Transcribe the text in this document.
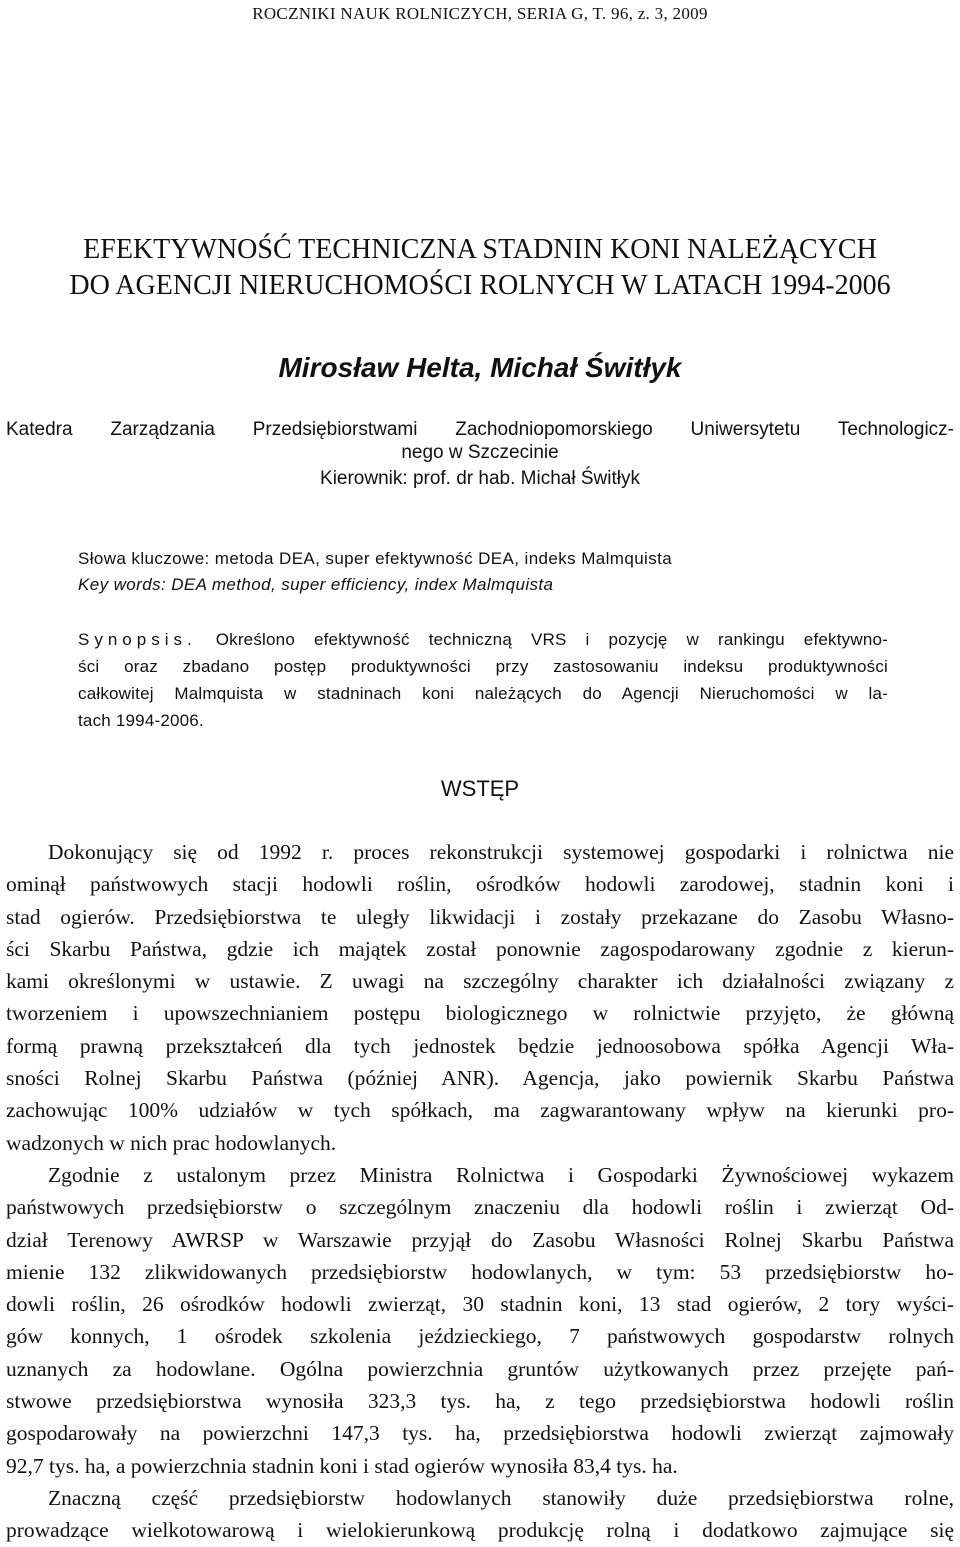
ROCZNIKI NAUK ROLNICZYCH, SERIA G, T. 96, z. 3, 2009
EFEKTYWNOŚĆ TECHNICZNA STADNIN KONI NALEŻĄCYCH
DO AGENCJI NIERUCHOMOŚCI ROLNYCH W LATACH 1994-2006
Mirosław Helta, Michał Świtłyk
Katedra Zarządzania Przedsiębiorstwami Zachodniopomorskiego Uniwersytetu Technologicz-
nego w Szczecinie
Kierownik: prof. dr hab. Michał Świtłyk
Słowa kluczowe: metoda DEA, super efektywność DEA, indeks Malmquista
Key words: DEA method, super efficiency, index Malmquista
Synopsis. Określono efektywność techniczną VRS i pozycję w rankingu efektywno-
ści oraz zbadano postęp produktywności przy zastosowaniu indeksu produktywności
całkowitej Malmquista w stadninach koni należących do Agencji Nieruchomości w la-
tach 1994-2006.
WSTĘP
Dokonujący się od 1992 r. proces rekonstrukcji systemowej gospodarki i rolnictwa nie
ominął państwowych stacji hodowli roślin, ośrodków hodowli zarodowej, stadnin koni i
stad ogierów. Przedsiębiorstwa te uległy likwidacji i zostały przekazane do Zasobu Własno-
ści Skarbu Państwa, gdzie ich majątek został ponownie zagospodarowany zgodnie z kierun-
kami określonymi w ustawie. Z uwagi na szczególny charakter ich działalności związany z
tworzeniem i upowszechnianiem postępu biologicznego w rolnictwie przyjęto, że główną
formą prawną przekształceń dla tych jednostek będzie jednoosobowa spółka Agencji Wła-
sności Rolnej Skarbu Państwa (później ANR). Agencja, jako powiernik Skarbu Państwa
zachowując 100% udziałów w tych spółkach, ma zagwarantowany wpływ na kierunki pro-
wadzonych w nich prac hodowlanych.
Zgodnie z ustalonym przez Ministra Rolnictwa i Gospodarki Żywnościowej wykazem
państwowych przedsiębiorstw o szczególnym znaczeniu dla hodowli roślin i zwierząt Od-
dział Terenowy AWRSP w Warszawie przyjął do Zasobu Własności Rolnej Skarbu Państwa
mienie 132 zlikwidowanych przedsiębiorstw hodowlanych, w tym: 53 przedsiębiorstw ho-
dowli roślin, 26 ośrodków hodowli zwierząt, 30 stadnin koni, 13 stad ogierów, 2 tory wyści-
gów konnych, 1 ośrodek szkolenia jeździeckiego, 7 państwowych gospodarstw rolnych
uznanych za hodowlane. Ogólna powierzchnia gruntów użytkowanych przez przejęte pań-
stwowe przedsiębiorstwa wynosiła 323,3 tys. ha, z tego przedsiębiorstwa hodowli roślin
gospodarowały na powierzchni 147,3 tys. ha, przedsiębiorstwa hodowli zwierząt zajmowały
92,7 tys. ha, a powierzchnia stadnin koni i stad ogierów wynosiła 83,4 tys. ha.
Znaczną część przedsiębiorstw hodowlanych stanowiły duże przedsiębiorstwa rolne,
prowadzące wielkotowarową i wielokierunkową produkcję rolną i dodatkowo zajmujące się
